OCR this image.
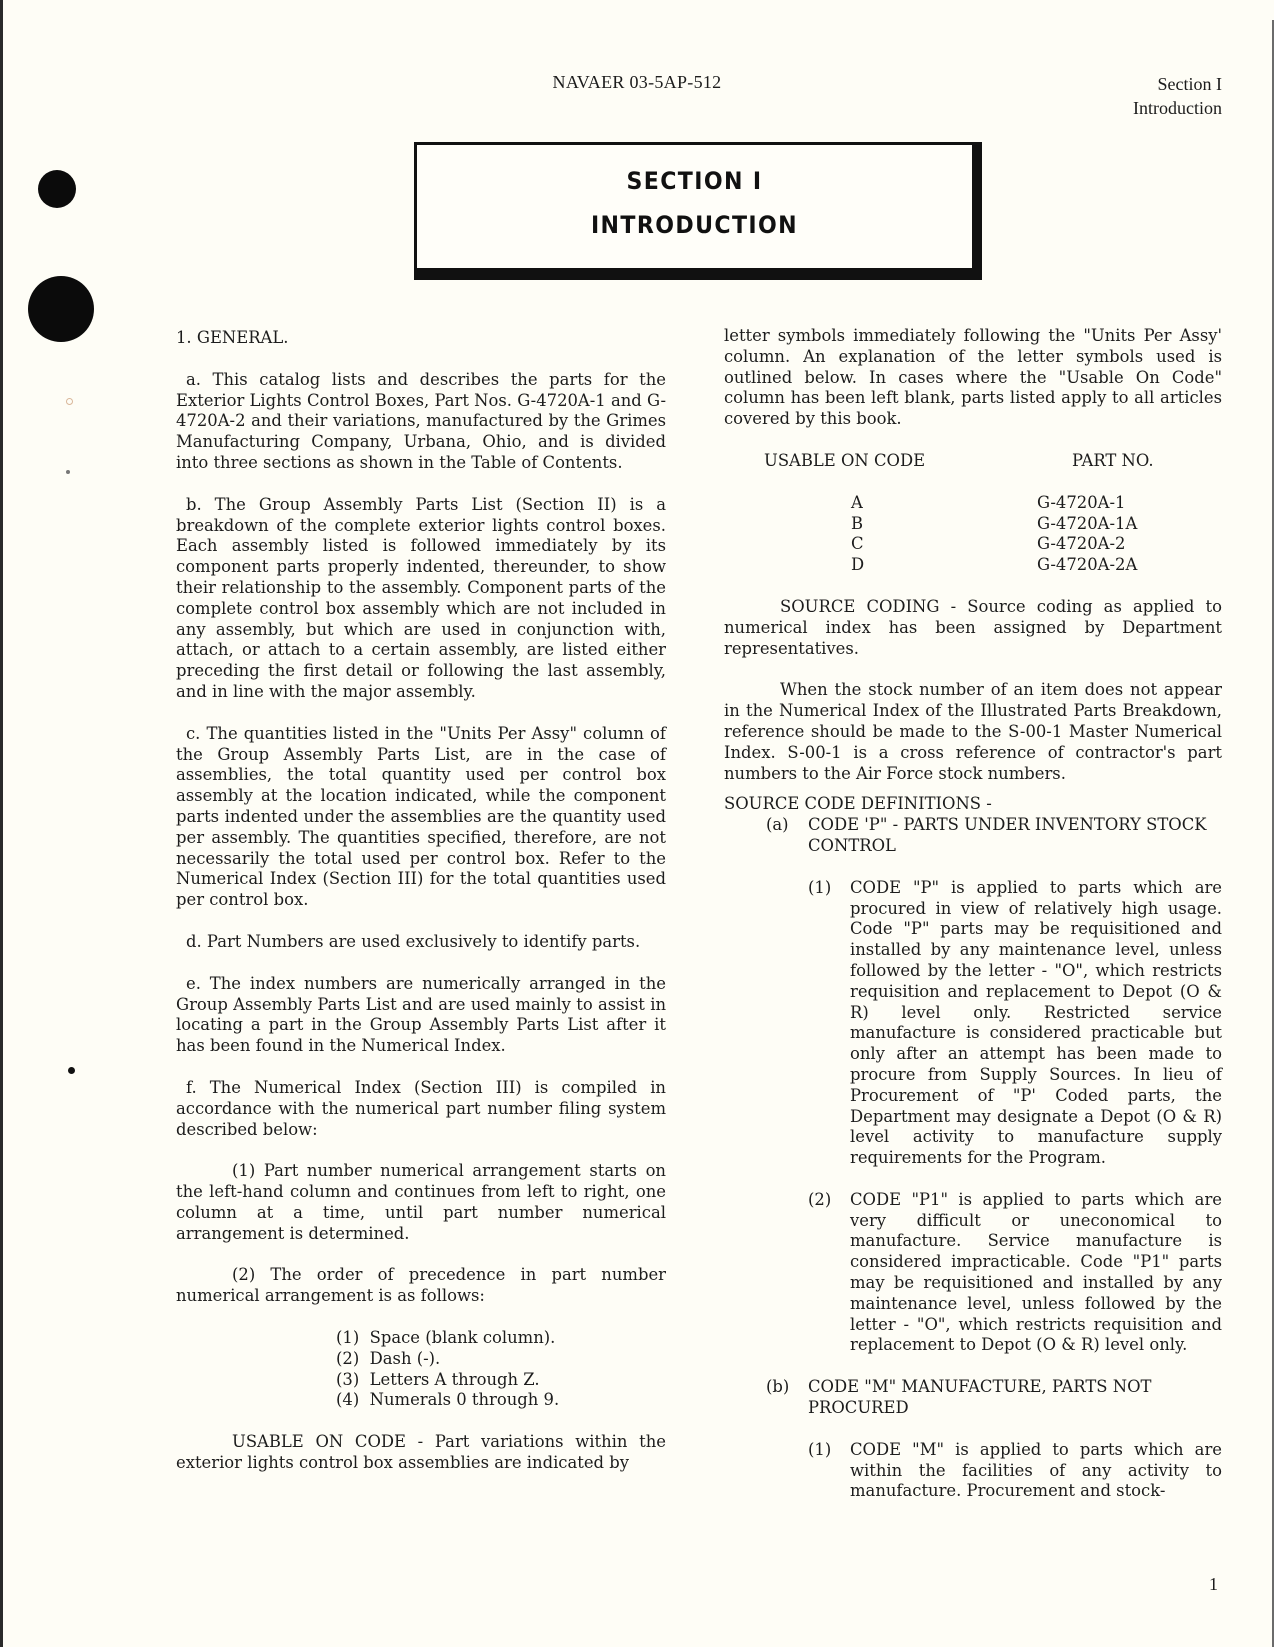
NAVAER 03-5AP-512	Section I
Introduction
SECTION I
INTRODUCTION

1. GENERAL.

a. This catalog lists and describes the parts for the Exterior Lights Control Boxes, Part Nos. G-4720A-1 and G-4720A-2 and their variations, manufactured by the Grimes Manufacturing Company, Urbana, Ohio, and is divided into three sections as shown in the Table of Contents.

b. The Group Assembly Parts List (Section II) is a breakdown of the complete exterior lights control boxes. Each assembly listed is followed immediately by its component parts properly indented, thereunder, to show their relationship to the assembly. Component parts of the complete control box assembly which are not included in any assembly, but which are used in conjunction with, attach, or attach to a certain assembly, are listed either preceding the first detail or following the last assembly, and in line with the major assembly.

c. The quantities listed in the "Units Per Assy" column of the Group Assembly Parts List, are in the case of assemblies, the total quantity used per control box assembly at the location indicated, while the component parts indented under the assemblies are the quantity used per assembly. The quantities specified, therefore, are not necessarily the total used per control box. Refer to the Numerical Index (Section III) for the total quantities used per control box.

d. Part Numbers are used exclusively to identify parts.

e. The index numbers are numerically arranged in the Group Assembly Parts List and are used mainly to assist in locating a part in the Group Assembly Parts List after it has been found in the Numerical Index.

f. The Numerical Index (Section III) is compiled in accordance with the numerical part number filing system described below:

(1) Part number numerical arrangement starts on the left-hand column and continues from left to right, one column at a time, until part number numerical arrangement is determined.

(2) The order of precedence in part number numerical arrangement is as follows:

(1)  Space (blank column).
(2)  Dash (-).
(3)  Letters A through Z.
(4)  Numerals 0 through 9.

USABLE ON CODE - Part variations within the exterior lights control box assemblies are indicated by

letter symbols immediately following the "Units Per Assy' column. An explanation of the letter symbols used is outlined below. In cases where the "Usable On Code" column has been left blank, parts listed apply to all articles covered by this book.

USABLE ON CODE	PART NO.
A	G-4720A-1
B	G-4720A-1A
C	G-4720A-2
D	G-4720A-2A

SOURCE CODING - Source coding as applied to numerical index has been assigned by Department representatives.

When the stock number of an item does not appear in the Numerical Index of the Illustrated Parts Breakdown, reference should be made to the S-00-1 Master Numerical Index. S-00-1 is a cross reference of contractor's part numbers to the Air Force stock numbers.

SOURCE CODE DEFINITIONS -

(a)	CODE 'P" - PARTS UNDER INVENTORY STOCK CONTROL
(1)	CODE "P" is applied to parts which are procured in view of relatively high usage. Code "P" parts may be requisitioned and installed by any maintenance level, unless followed by the letter - "O", which restricts requisition and replacement to Depot (O & R) level only. Restricted service manufacture is considered practicable but only after an attempt has been made to procure from Supply Sources. In lieu of Procurement of "P' Coded parts, the Department may designate a Depot (O & R) level activity to manufacture supply requirements for the Program.
(2)	CODE "P1" is applied to parts which are very difficult or uneconomical to manufacture. Service manufacture is considered impracticable. Code "P1" parts may be requisitioned and installed by any maintenance level, unless followed by the letter - "O", which restricts requisition and replacement to Depot (O & R) level only.
(b)	CODE "M" MANUFACTURE, PARTS NOT PROCURED
(1)	CODE "M" is applied to parts which are within the facilities of any activity to manufacture. Procurement and stock-
1
